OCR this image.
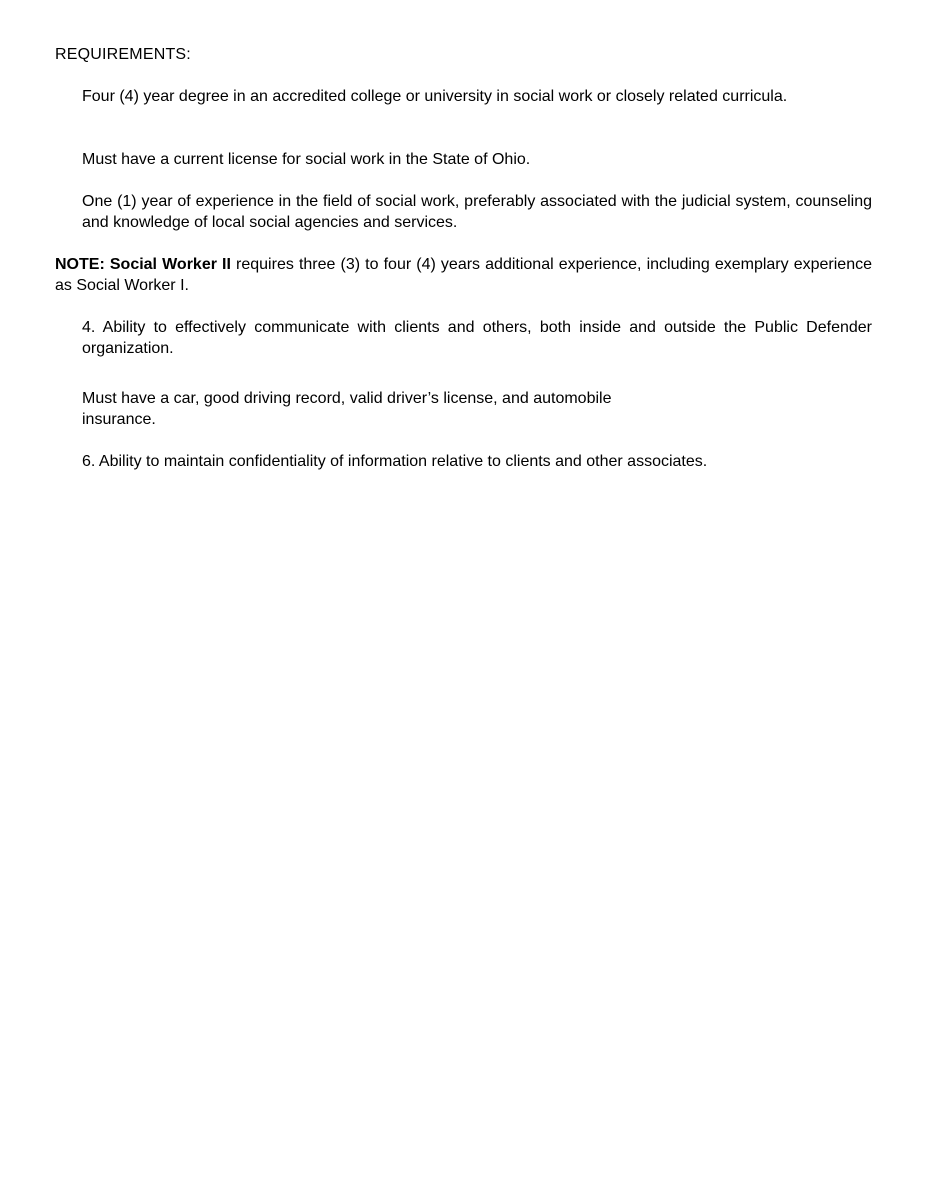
REQUIREMENTS:

Four (4) year degree in an accredited college or university in social work or closely related curricula.

Must have a current license for social work in the State of Ohio.

One (1) year of experience in the field of social work, preferably associated with the judicial system, counseling and knowledge of local social agencies and services.

NOTE: Social Worker II requires three (3) to four (4) years additional experience, including exemplary experience as Social Worker I.

4. Ability to effectively communicate with clients and others, both inside and outside the Public Defender organization.

Must have a car, good driving record, valid driver’s license, and automobile
insurance.

6. Ability to maintain confidentiality of information relative to clients and other associates.
